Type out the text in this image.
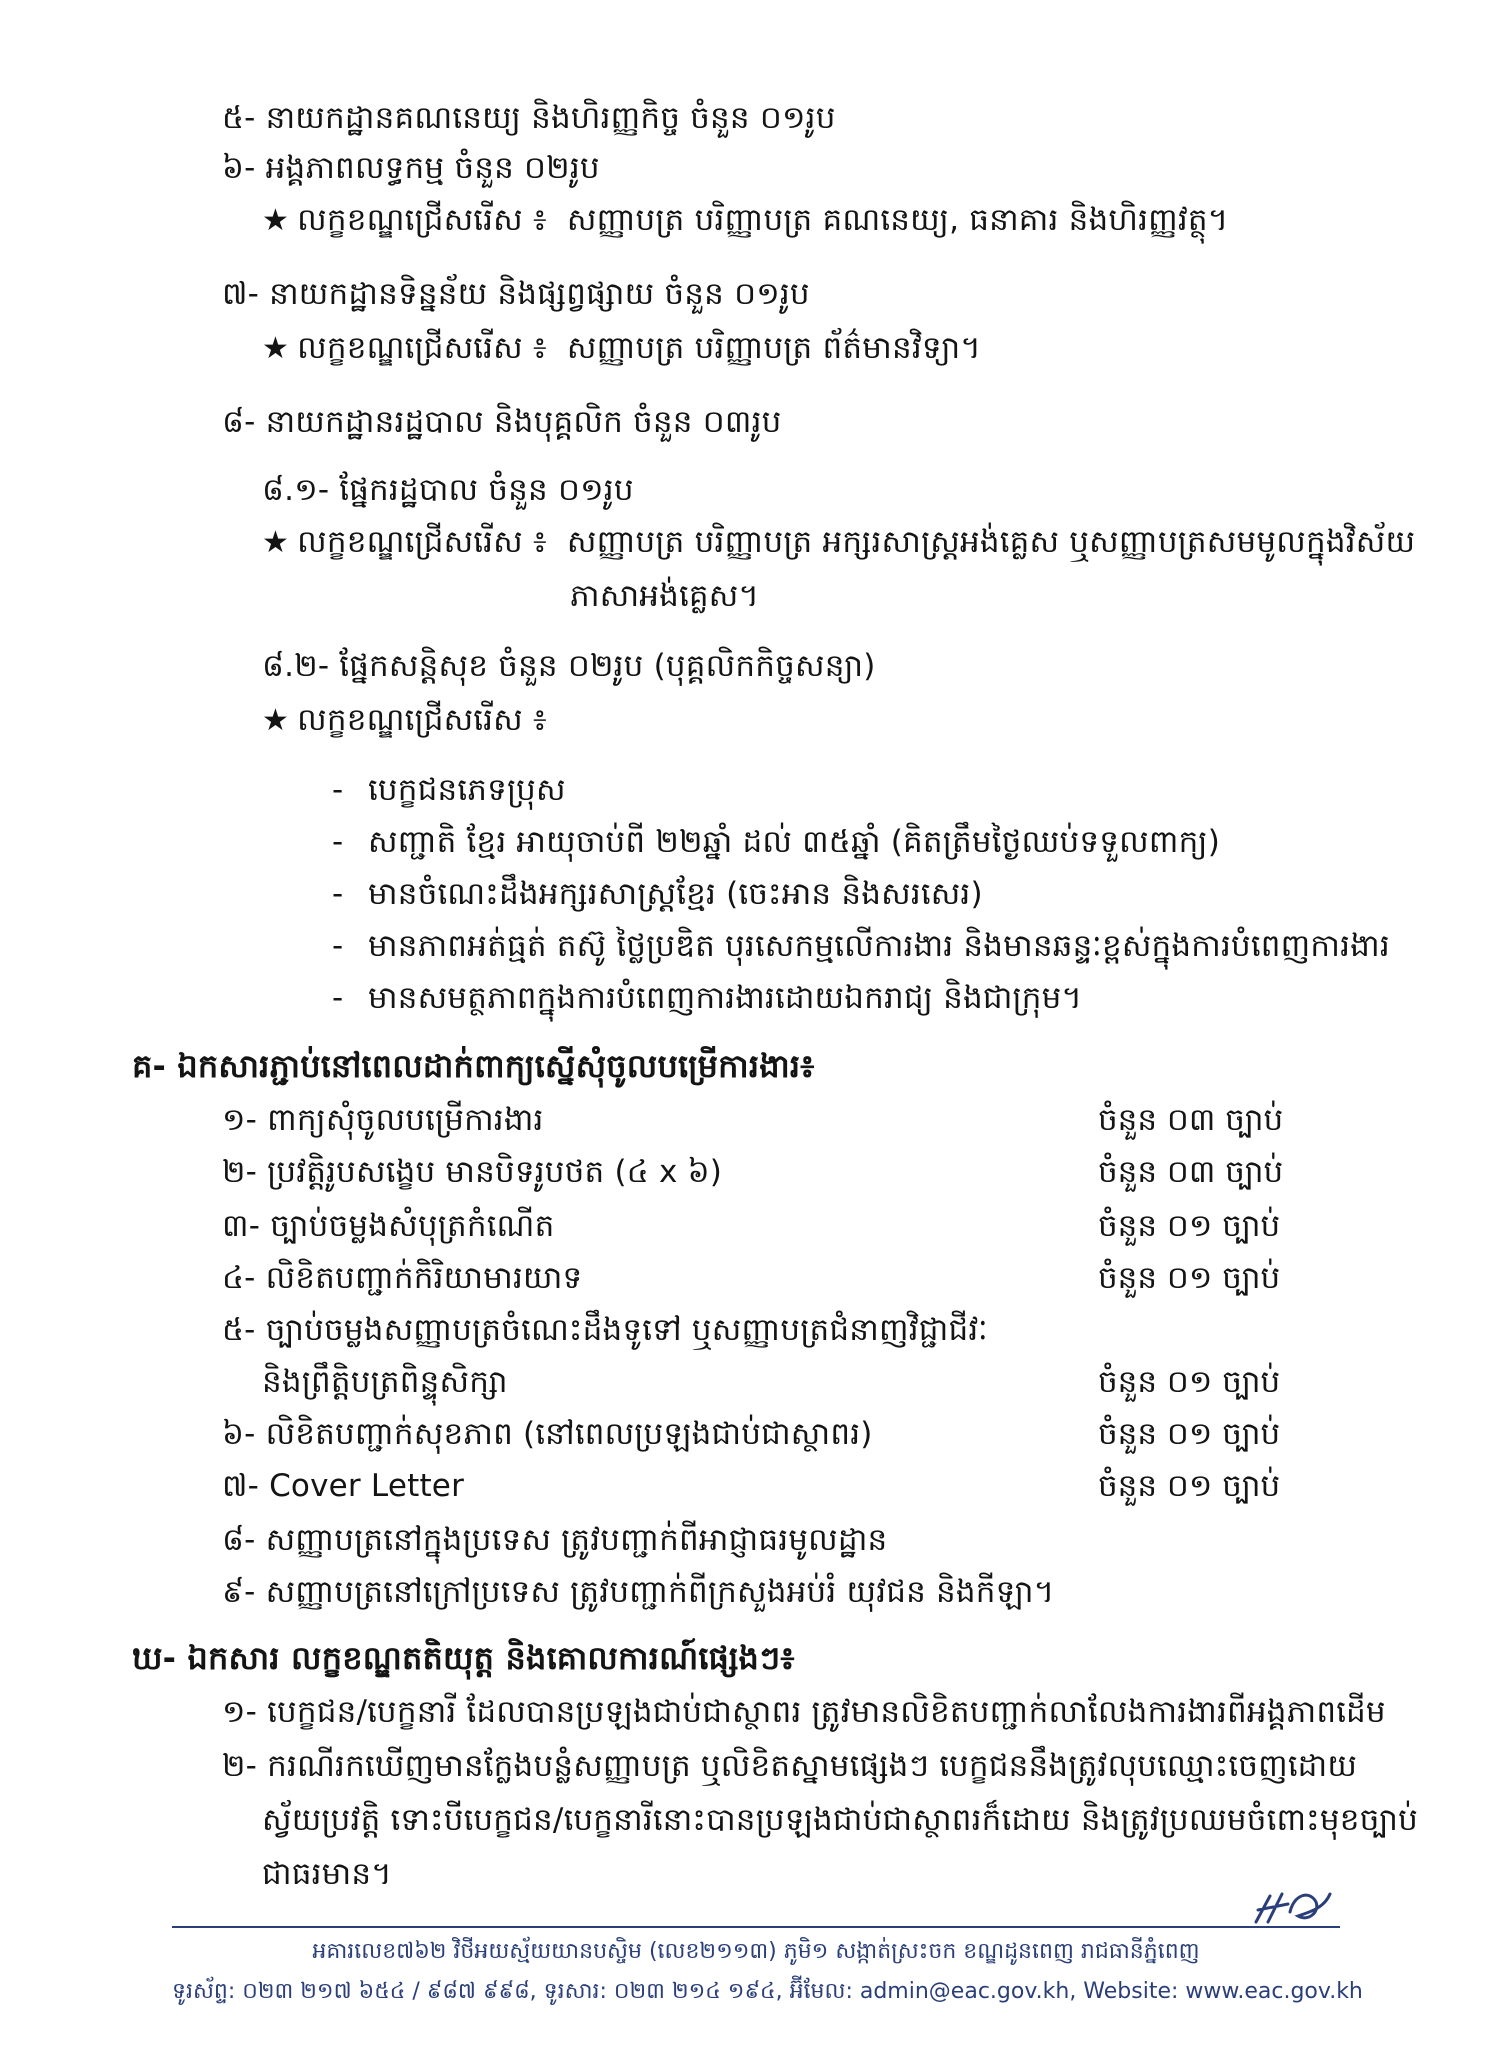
៥- នាយកដ្ឋានគណនេយ្យ និងហិរញ្ញកិច្ច ចំនួន ០១រូប
៦- អង្គភាពលទ្ធកម្ម ចំនួន ០២រូប
★ លក្ខខណ្ឌជ្រើសរើស ៖ សញ្ញាបត្រ បរិញ្ញាបត្រ គណនេយ្យ, ធនាគារ និងហិរញ្ញវត្ថុ។
៧- នាយកដ្ឋានទិន្នន័យ និងផ្សព្វផ្សាយ ចំនួន ០១រូប
★ លក្ខខណ្ឌជ្រើសរើស ៖ សញ្ញាបត្រ បរិញ្ញាបត្រ ព័ត៌មានវិទ្យា។
៨- នាយកដ្ឋានរដ្ឋបាល និងបុគ្គលិក ចំនួន ០៣រូប
៨.១- ផ្នែករដ្ឋបាល ចំនួន ០១រូប
★ លក្ខខណ្ឌជ្រើសរើស ៖ សញ្ញាបត្រ បរិញ្ញាបត្រ អក្សរសាស្ត្រអង់គ្លេស ឬសញ្ញាបត្រសមមូលក្នុងវិស័យ
ភាសាអង់គ្លេស។
៨.២- ផ្នែកសន្តិសុខ ចំនួន ០២រូប (បុគ្គលិកកិច្ចសន្យា)
★ លក្ខខណ្ឌជ្រើសរើស ៖
- បេក្ខជនភេទប្រុស
- សញ្ជាតិ ខ្មែរ អាយុចាប់ពី ២២ឆ្នាំ ដល់ ៣៥ឆ្នាំ (គិតត្រឹមថ្ងៃឈប់ទទួលពាក្យ)
- មានចំណេះដឹងអក្សរសាស្ត្រខ្មែរ (ចេះអាន និងសរសេរ)
- មានភាពអត់ធ្មត់ តស៊ូ ថ្លៃប្រឌិត បុរសេកម្មលើការងារ និងមានឆន្ទៈខ្ពស់ក្នុងការបំពេញការងារ
- មានសមត្ថភាពក្នុងការបំពេញការងារដោយឯករាជ្យ និងជាក្រុម។
គ- ឯកសារភ្ជាប់នៅពេលដាក់ពាក្យស្នើសុំចូលបម្រើការងារ៖
១- ពាក្យសុំចូលបម្រើការងារ	ចំនួន ០៣ ច្បាប់
២- ប្រវត្តិរូបសង្ខេប មានបិទរូបថត (៤ x ៦)	ចំនួន ០៣ ច្បាប់
៣- ច្បាប់ចម្លងសំបុត្រកំណើត	ចំនួន ០១ ច្បាប់
៤- លិខិតបញ្ជាក់កិរិយាមារយាទ	ចំនួន ០១ ច្បាប់
៥- ច្បាប់ចម្លងសញ្ញាបត្រចំណេះដឹងទូទៅ ឬសញ្ញាបត្រជំនាញវិជ្ជាជីវៈ
និងព្រឹត្តិបត្រពិន្ទុសិក្សា	ចំនួន ០១ ច្បាប់
៦- លិខិតបញ្ជាក់សុខភាព (នៅពេលប្រឡងជាប់ជាស្ថាពរ)	ចំនួន ០១ ច្បាប់
៧- Cover Letter	ចំនួន ០១ ច្បាប់
៨- សញ្ញាបត្រនៅក្នុងប្រទេស ត្រូវបញ្ជាក់ពីអាជ្ញាធរមូលដ្ឋាន
៩- សញ្ញាបត្រនៅក្រៅប្រទេស ត្រូវបញ្ជាក់ពីក្រសួងអប់រំ យុវជន និងកីឡា។
ឃ- ឯកសារ លក្ខខណ្ឌតតិយុត្ត និងគោលការណ៍ផ្សេងៗ៖
១- បេក្ខជន/បេក្ខនារី ដែលបានប្រឡងជាប់ជាស្ថាពរ ត្រូវមានលិខិតបញ្ជាក់លាលែងការងារពីអង្គភាពដើម
២- ករណីរកឃើញមានក្លែងបន្លំសញ្ញាបត្រ ឬលិខិតស្នាមផ្សេងៗ បេក្ខជននឹងត្រូវលុបឈ្មោះចេញដោយ
ស្វ័យប្រវត្តិ ទោះបីបេក្ខជន/បេក្ខនារីនោះបានប្រឡងជាប់ជាស្ថាពរក៏ដោយ និងត្រូវប្រឈមចំពោះមុខច្បាប់
ជាធរមាន។
អគារលេខ៧៦២ វិថីអយស្ម័យយានបស្ចិម (លេខ២១១៣) ភូមិ១ សង្កាត់ស្រះចក ខណ្ឌដូនពេញ រាជធានីភ្នំពេញ
ទូរស័ព្ទ: ០២៣ ២១៧ ៦៥៤ / ៩៨៧ ៩៩៨, ទូរសារ: ០២៣ ២១៤ ១៩៤, អ៊ីមែល: admin@eac.gov.kh, Website: www.eac.gov.kh
